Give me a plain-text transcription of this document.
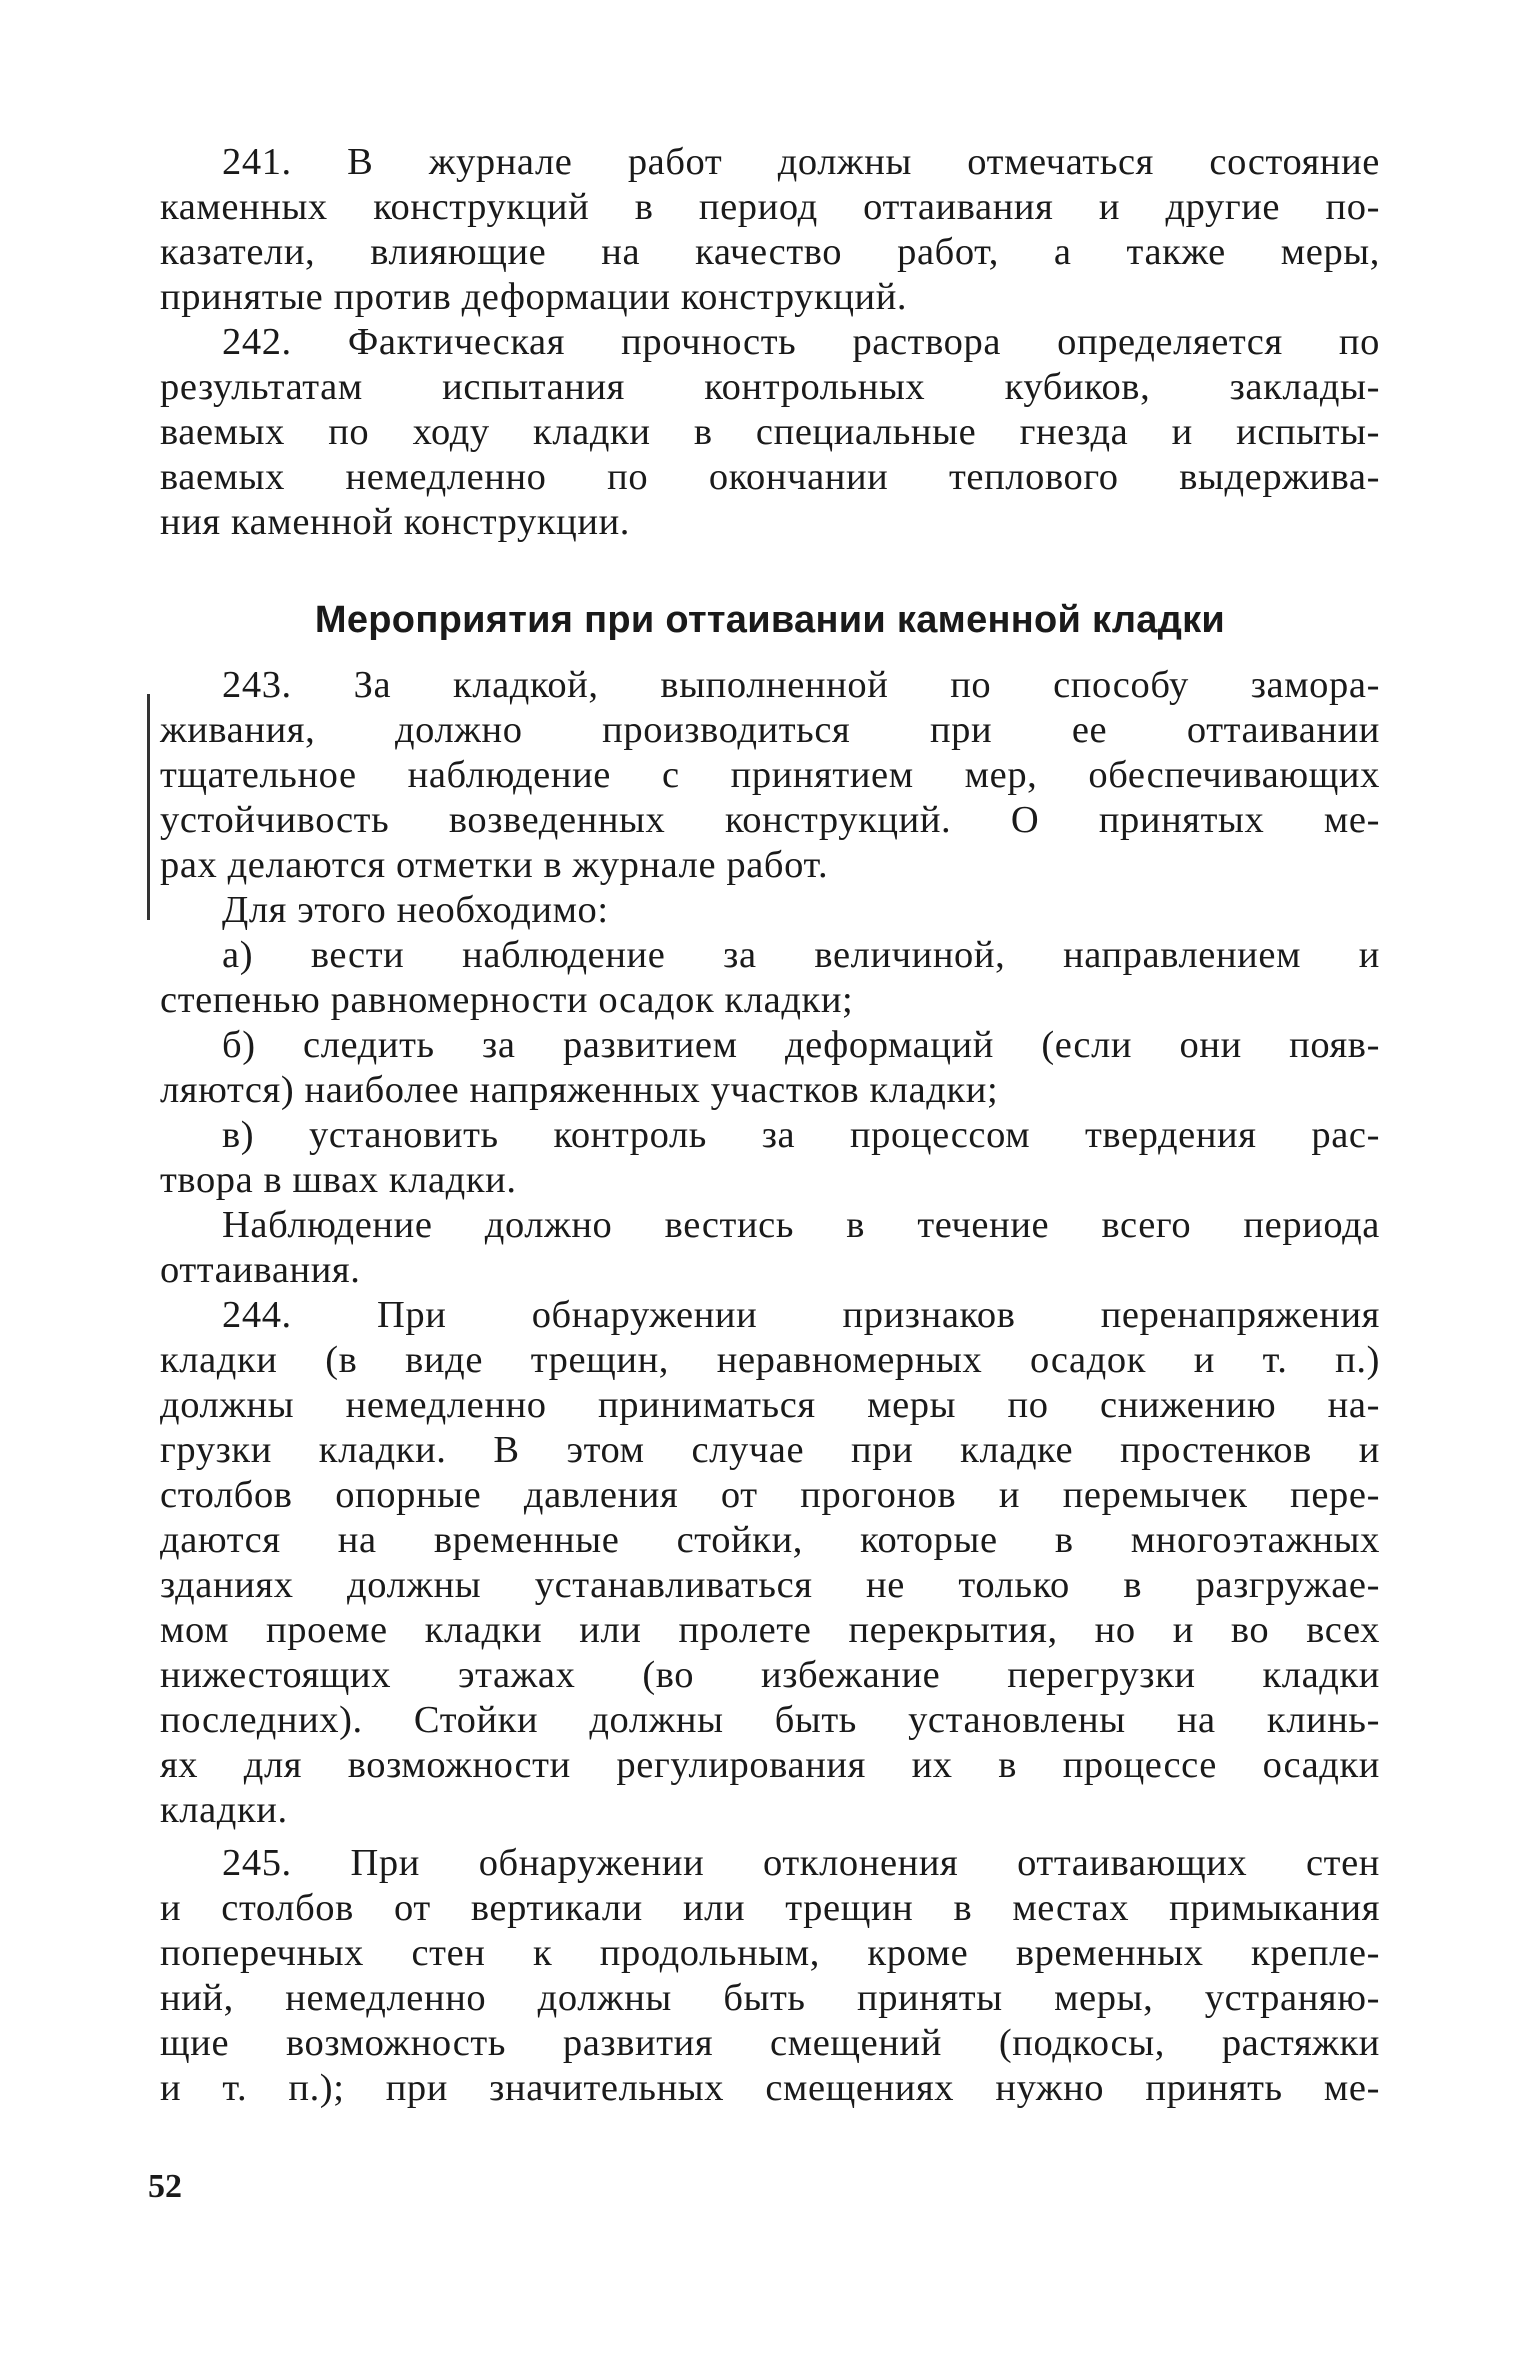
241. В журнале работ должны отмечаться состояние
каменных конструкций в период оттаивания и другие по-
казатели, влияющие на качество работ, а также меры,
принятые против деформации конструкций.
242. Фактическая прочность раствора определяется по
результатам испытания контрольных кубиков, заклады-
ваемых по ходу кладки в специальные гнезда и испыты-
ваемых немедленно по окончании теплового выдержива-
ния каменной конструкции.
Мероприятия при оттаивании каменной кладки
243. За кладкой, выполненной по способу замора-
живания, должно производиться при ее оттаивании
тщательное наблюдение с принятием мер, обеспечивающих
устойчивость возведенных конструкций. О принятых ме-
рах делаются отметки в журнале работ.
Для этого необходимо:
а) вести наблюдение за величиной, направлением и
степенью равномерности осадок кладки;
б) следить за развитием деформаций (если они появ-
ляются) наиболее напряженных участков кладки;
в) установить контроль за процессом твердения рас-
твора в швах кладки.
Наблюдение должно вестись в течение всего периода
оттаивания.
244. При обнаружении признаков перенапряжения
кладки (в виде трещин, неравномерных осадок и т. п.)
должны немедленно приниматься меры по снижению на-
грузки кладки. В этом случае при кладке простенков и
столбов опорные давления от прогонов и перемычек пере-
даются на временные стойки, которые в многоэтажных
зданиях должны устанавливаться не только в разгружае-
мом проеме кладки или пролете перекрытия, но и во всех
нижестоящих этажах (во избежание перегрузки кладки
последних). Стойки должны быть установлены на клинь-
ях для возможности регулирования их в процессе осадки
кладки.
245. При обнаружении отклонения оттаивающих стен
и столбов от вертикали или трещин в местах примыкания
поперечных стен к продольным, кроме временных крепле-
ний, немедленно должны быть приняты меры, устраняю-
щие возможность развития смещений (подкосы, растяжки
и т. п.); при значительных смещениях нужно принять ме-
52
